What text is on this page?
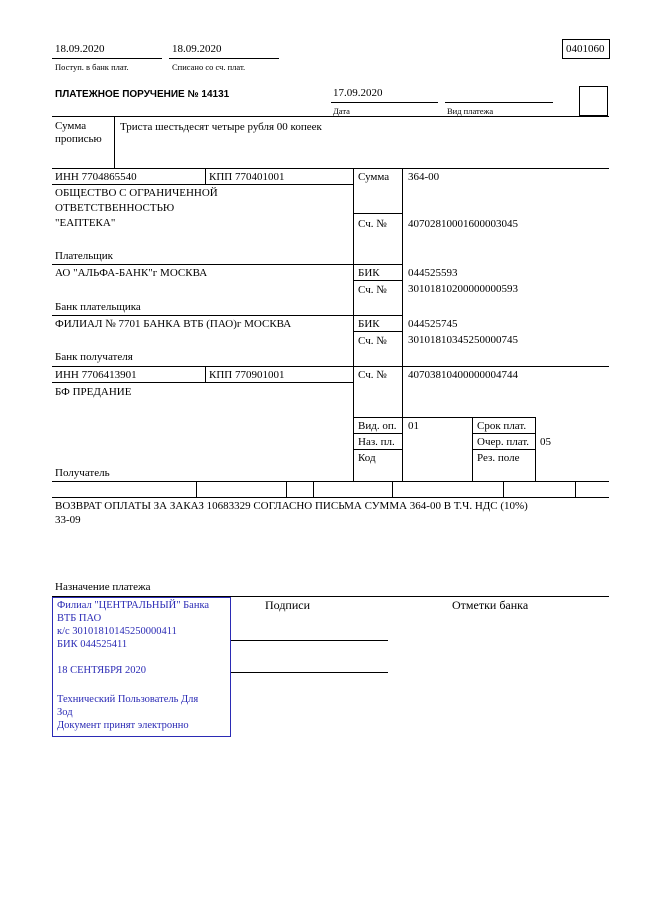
18.09.2020
Поступ. в банк плат.
18.09.2020
Списано со сч. плат.
0401060
ПЛАТЕЖНОЕ ПОРУЧЕНИЕ № 14131	17.09.2020
Дата	Вид платежа
Сумма
прописью
Триста шестьдесят четыре рубля 00 копеек
ИНН 7704865540	КПП 770401001	Сумма 364-00
ОБЩЕСТВО С ОГРАНИЧЕННОЙ
ОТВЕТСТВЕННОСТЬЮ
"ЕАПТЕКА"	Сч. № 40702810001600003045
Плательщик
АО "АЛЬФА-БАНК"г МОСКВА	БИК	044525593
Сч. № 30101810200000000593
Банк плательщика
ФИЛИАЛ № 7701 БАНКА ВТБ (ПАО)г МОСКВА	БИК	044525745
Сч. № 30101810345250000745
Банк получателя
ИНН 7706413901	КПП 770901001	Сч. № 40703810400000004744
БФ ПРЕДАНИЕ
Вид. оп. 01	Срок плат.
Наз. пл.	Очер. плат. 05
Код	Рез. поле
Получатель
ВОЗВРАТ ОПЛАТЫ ЗА ЗАКАЗ 10683329 СОГЛАСНО ПИСЬМА СУММА 364-00 В Т.Ч. НДС (10%)
33-09
Назначение платежа
Подписи	Отметки банка
Филиал "ЦЕНТРАЛЬНЫЙ" Банка
ВТБ ПАО
к/с 30101810145250000411
БИК 044525411
18 СЕНТЯБРЯ 2020
Технический Пользователь Для
Зод
Документ принят электронно
